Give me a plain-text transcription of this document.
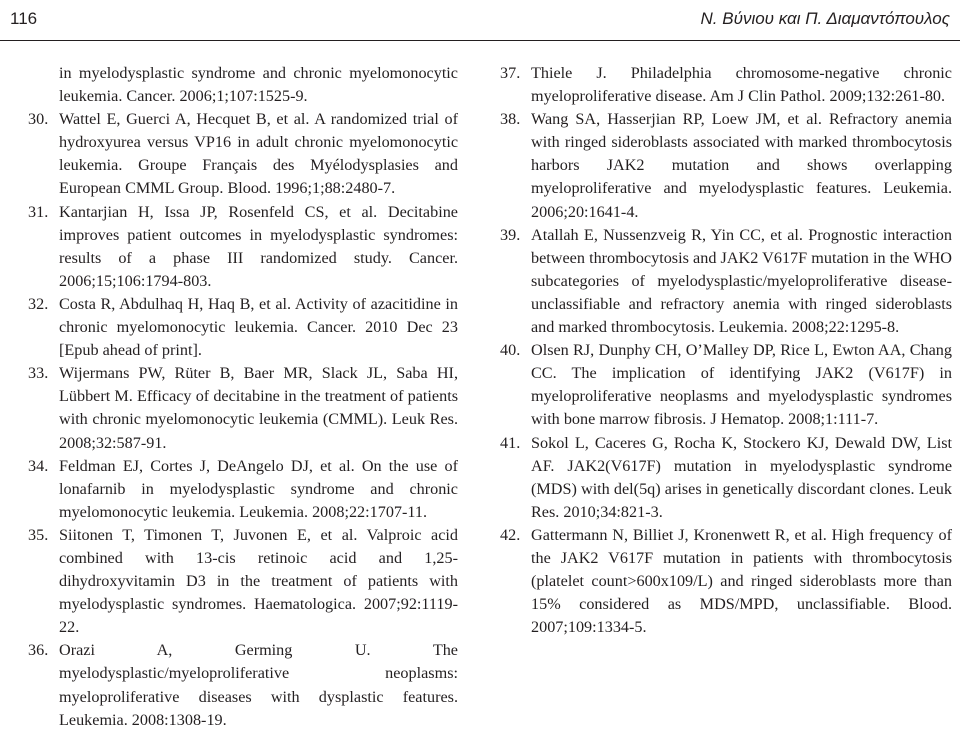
116	Ν. Βύνιου και Π. Διαμαντόπουλος

in myelodysplastic syndrome and chronic myelomonocytic leukemia. Cancer. 2006;1;107:1525-9.

30. Wattel E, Guerci A, Hecquet B, et al. A randomized trial of hydroxyurea versus VP16 in adult chronic myelomonocytic leukemia. Groupe Français des Myélodysplasies and European CMML Group. Blood. 1996;1;88:2480-7.

31. Kantarjian H, Issa JP, Rosenfeld CS, et al. Decitabine improves patient outcomes in myelodysplastic syndromes: results of a phase III randomized study. Cancer. 2006;15;106:1794-803.

32. Costa R, Abdulhaq H, Haq B, et al. Activity of azacitidine in chronic myelomonocytic leukemia. Cancer. 2010 Dec 23 [Epub ahead of print].

33. Wijermans PW, Rüter B, Baer MR, Slack JL, Saba HI, Lübbert M. Efficacy of decitabine in the treatment of patients with chronic myelomonocytic leukemia (CMML). Leuk Res. 2008;32:587-91.

34. Feldman EJ, Cortes J, DeAngelo DJ, et al. On the use of lonafarnib in myelodysplastic syndrome and chronic myelomonocytic leukemia. Leukemia. 2008;22:1707-11.

35. Siitonen T, Timonen T, Juvonen E, et al. Valproic acid combined with 13-cis retinoic acid and 1,25-dihydroxyvitamin D3 in the treatment of patients with myelodysplastic syndromes. Haematologica. 2007;92:1119-22.

36. Orazi A, Germing U. The myelodysplastic/myeloproliferative neoplasms: myeloproliferative diseases with dysplastic features. Leukemia. 2008:1308-19.

37. Thiele J. Philadelphia chromosome-negative chronic myeloproliferative disease. Am J Clin Pathol. 2009;132:261-80.

38. Wang SA, Hasserjian RP, Loew JM, et al. Refractory anemia with ringed sideroblasts associated with marked thrombocytosis harbors JAK2 mutation and shows overlapping myeloproliferative and myelodysplastic features. Leukemia. 2006;20:1641-4.

39. Atallah E, Nussenzveig R, Yin CC, et al. Prognostic interaction between thrombocytosis and JAK2 V617F mutation in the WHO subcategories of myelodysplastic/myeloproliferative disease-unclassifiable and refractory anemia with ringed sideroblasts and marked thrombocytosis. Leukemia. 2008;22:1295-8.

40. Olsen RJ, Dunphy CH, O’Malley DP, Rice L, Ewton AA, Chang CC. The implication of identifying JAK2 (V617F) in myeloproliferative neoplasms and myelodysplastic syndromes with bone marrow fibrosis. J Hematop. 2008;1:111-7.

41. Sokol L, Caceres G, Rocha K, Stockero KJ, Dewald DW, List AF. JAK2(V617F) mutation in myelodysplastic syndrome (MDS) with del(5q) arises in genetically discordant clones. Leuk Res. 2010;34:821-3.

42. Gattermann N, Billiet J, Kronenwett R, et al. High frequency of the JAK2 V617F mutation in patients with thrombocytosis (platelet count>600x109/L) and ringed sideroblasts more than 15% considered as MDS/MPD, unclassifiable. Blood. 2007;109:1334-5.
